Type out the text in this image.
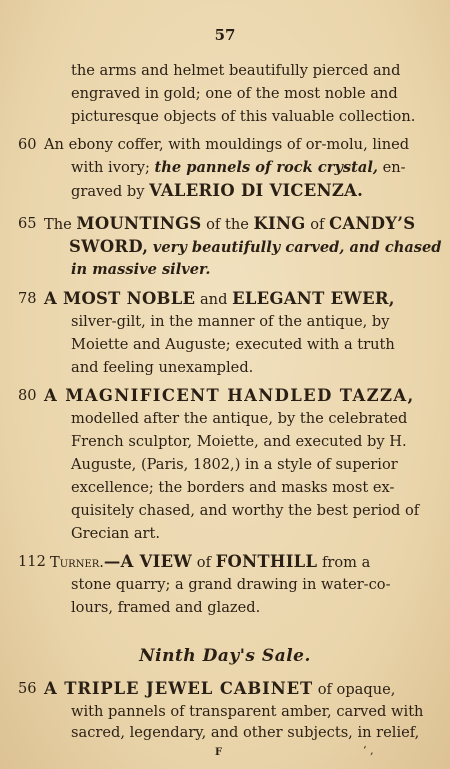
57
the arms and helmet beautifully pierced and
engraved in gold; one of the most noble and
picturesque objects of this valuable collection.
60 An ebony coffer, with mouldings of or-molu, lined
with ivory; the pannels of rock crystal, en-
graved by VALERIO DI VICENZA.
65 The MOUNTINGS of the KING of CANDY’S
SWORD, very beautifully carved, and chased
in massive silver.
78 A MOST NOBLE and ELEGANT EWER,
silver-gilt, in the manner of the antique, by
Moiette and Auguste; executed with a truth
and feeling unexampled.
80 A MAGNIFICENT HANDLED TAZZA,
modelled after the antique, by the celebrated
French sculptor, Moiette, and executed by H.
Auguste, (Paris, 1802,) in a style of superior
excellence; the borders and masks most ex-
quisitely chased, and worthy the best period of
Grecian art.
112 Turner.—A VIEW of FONTHILL from a
stone quarry; a grand drawing in water-co-
lours, framed and glazed.
Ninth Day's Sale.
56 A TRIPLE JEWEL CABINET of opaque,
with pannels of transparent amber, carved with
sacred, legendary, and other subjects, in relief,
F	‘ ‚
